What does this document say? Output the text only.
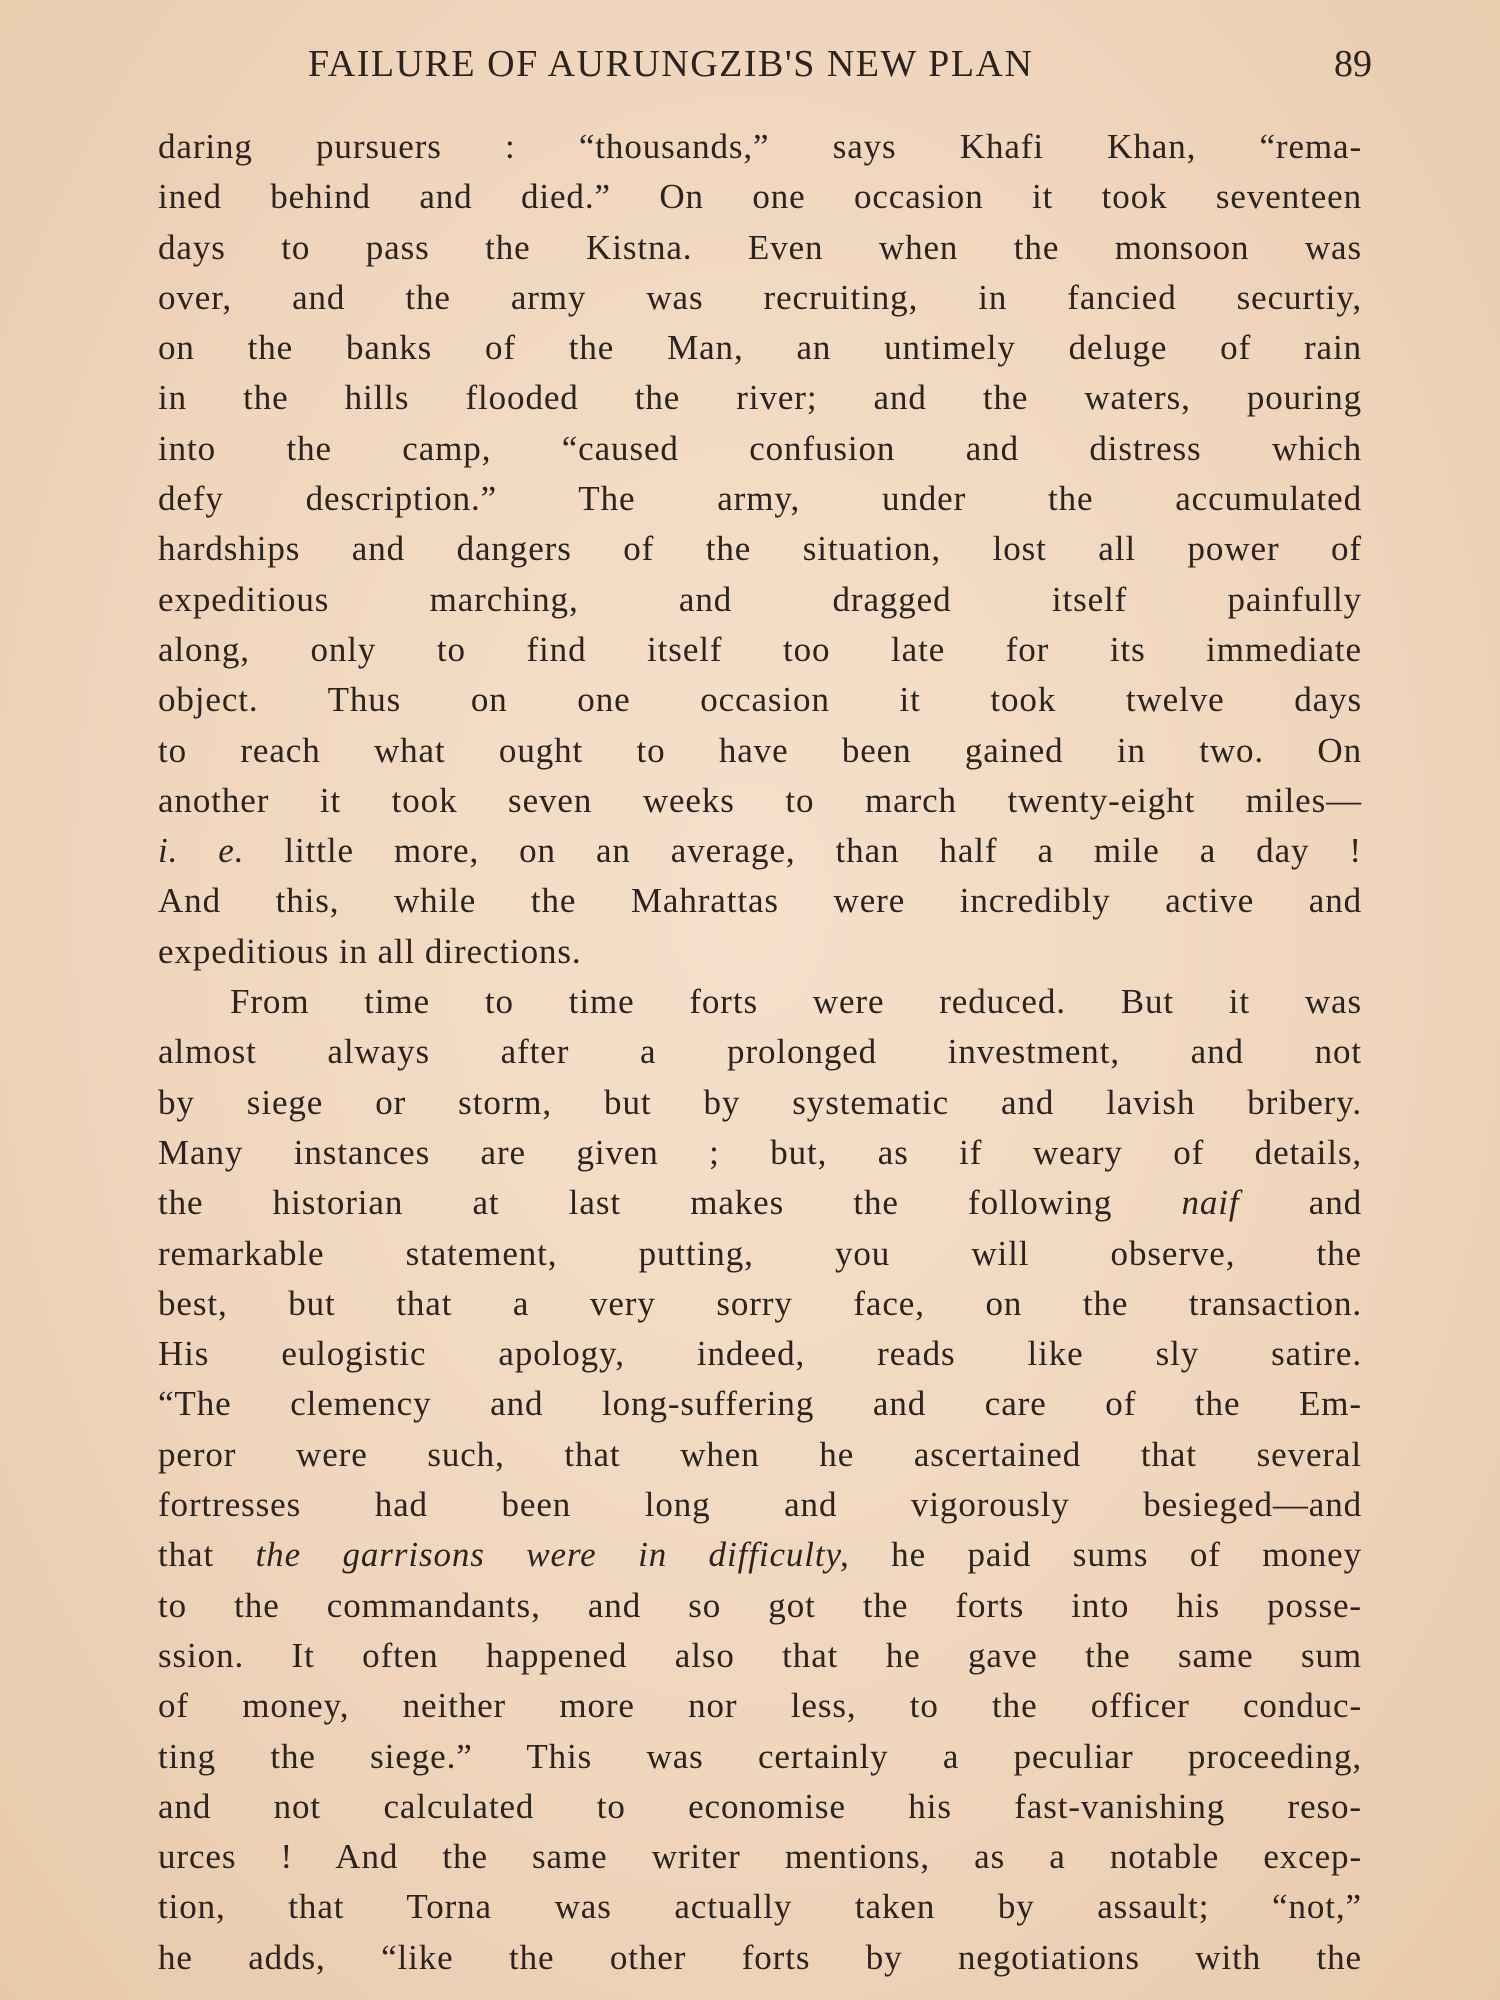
FAILURE OF AURUNGZIB'S NEW PLAN	89
daring pursuers : “thousands,” says Khafi Khan, “rema-
ined behind and died.” On one occasion it took seventeen
days to pass the Kistna. Even when the monsoon was
over, and the army was recruiting, in fancied securtiy,
on the banks of the Man, an untimely deluge of rain
in the hills flooded the river; and the waters, pouring
into the camp, “caused confusion and distress which
defy description.” The army, under the accumulated
hardships and dangers of the situation, lost all power of
expeditious marching, and dragged itself painfully
along, only to find itself too late for its immediate
object. Thus on one occasion it took twelve days
to reach what ought to have been gained in two. On
another it took seven weeks to march twenty-eight miles—
i. e. little more, on an average, than half a mile a day !
And this, while the Mahrattas were incredibly active and
expeditious in all directions.
From time to time forts were reduced. But it was
almost always after a prolonged investment, and not
by siege or storm, but by systematic and lavish bribery.
Many instances are given ; but, as if weary of details,
the historian at last makes the following naif and
remarkable statement, putting, you will observe, the
best, but that a very sorry face, on the transaction.
His eulogistic apology, indeed, reads like sly satire.
“The clemency and long-suffering and care of the Em-
peror were such, that when he ascertained that several
fortresses had been long and vigorously besieged—and
that the garrisons were in difficulty, he paid sums of money
to the commandants, and so got the forts into his posse-
ssion. It often happened also that he gave the same sum
of money, neither more nor less, to the officer conduc-
ting the siege.” This was certainly a peculiar proceeding,
and not calculated to economise his fast-vanishing reso-
urces ! And the same writer mentions, as a notable excep-
tion, that Torna was actually taken by assault; “not,”
he adds, “like the other forts by negotiations with the
